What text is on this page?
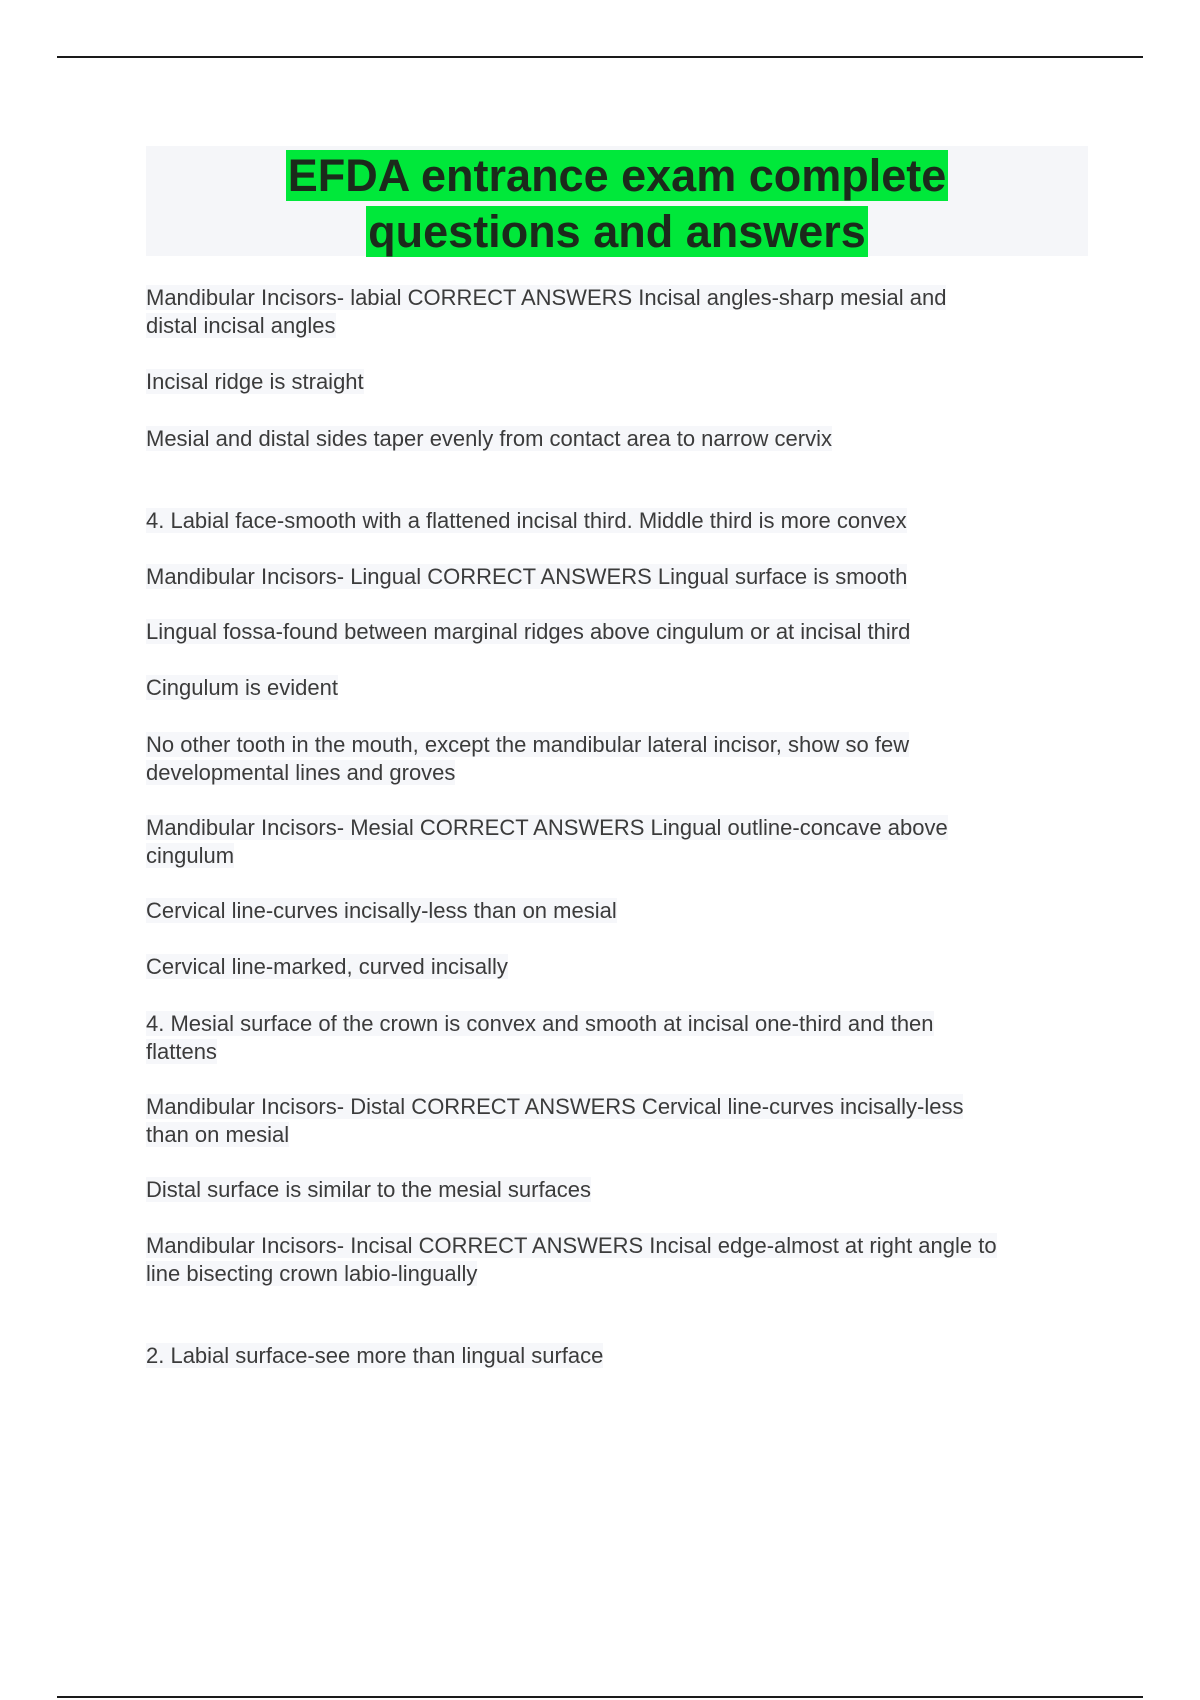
EFDA entrance exam complete
questions and answers

Mandibular Incisors- labial CORRECT ANSWERS Incisal angles-sharp mesial and
distal incisal angles

Incisal ridge is straight

Mesial and distal sides taper evenly from contact area to narrow cervix

4. Labial face-smooth with a flattened incisal third. Middle third is more convex

Mandibular Incisors- Lingual CORRECT ANSWERS Lingual surface is smooth

Lingual fossa-found between marginal ridges above cingulum or at incisal third

Cingulum is evident

No other tooth in the mouth, except the mandibular lateral incisor, show so few
developmental lines and groves

Mandibular Incisors- Mesial CORRECT ANSWERS Lingual outline-concave above
cingulum

Cervical line-curves incisally-less than on mesial

Cervical line-marked, curved incisally

4. Mesial surface of the crown is convex and smooth at incisal one-third and then
flattens

Mandibular Incisors- Distal CORRECT ANSWERS Cervical line-curves incisally-less
than on mesial

Distal surface is similar to the mesial surfaces

Mandibular Incisors- Incisal CORRECT ANSWERS Incisal edge-almost at right angle to
line bisecting crown labio-lingually

2. Labial surface-see more than lingual surface
